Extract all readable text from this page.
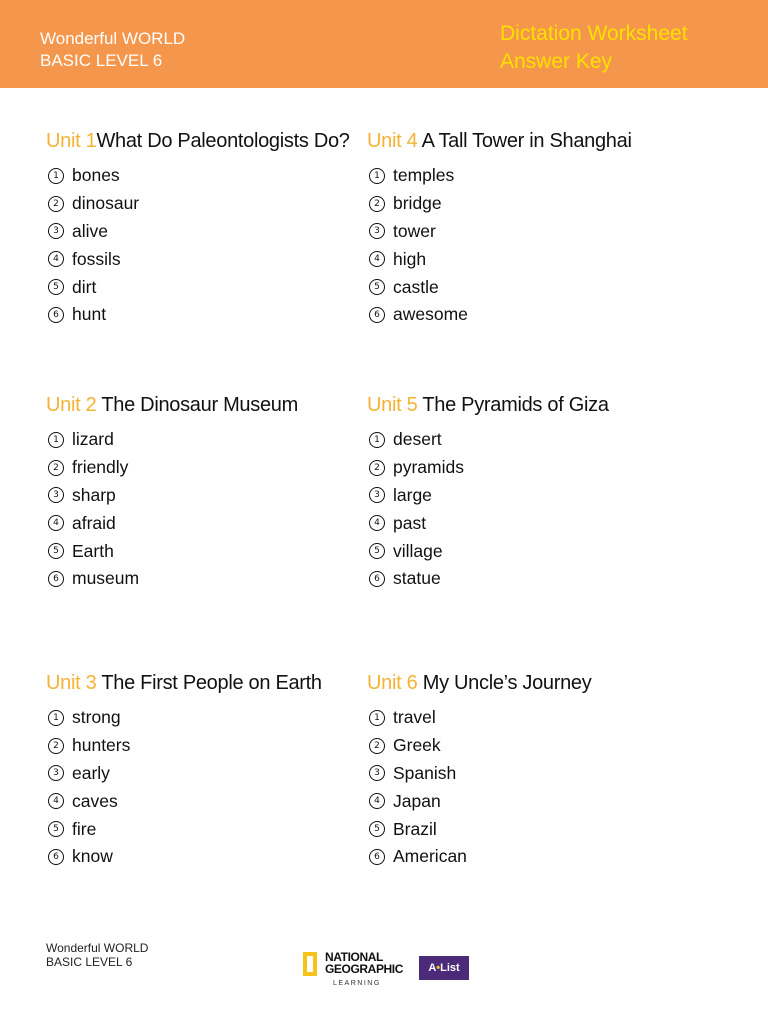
Wonderful WORLD
BASIC LEVEL 6
Dictation Worksheet
Answer Key
Unit 1What Do Paleontologists Do?
1 bones
2 dinosaur
3 alive
4 fossils
5 dirt
6 hunt
Unit 2 The Dinosaur Museum
1 lizard
2 friendly
3 sharp
4 afraid
5 Earth
6 museum
Unit 3 The First People on Earth
1 strong
2 hunters
3 early
4 caves
5 fire
6 know
Unit 4 A Tall Tower in Shanghai
1 temples
2 bridge
3 tower
4 high
5 castle
6 awesome
Unit 5 The Pyramids of Giza
1 desert
2 pyramids
3 large
4 past
5 village
6 statue
Unit 6 My Uncle’s Journey
1 travel
2 Greek
3 Spanish
4 Japan
5 Brazil
6 American
Wonderful WORLD
BASIC LEVEL 6	NATIONAL
GEOGRAPHIC
LEARNING
A•List
